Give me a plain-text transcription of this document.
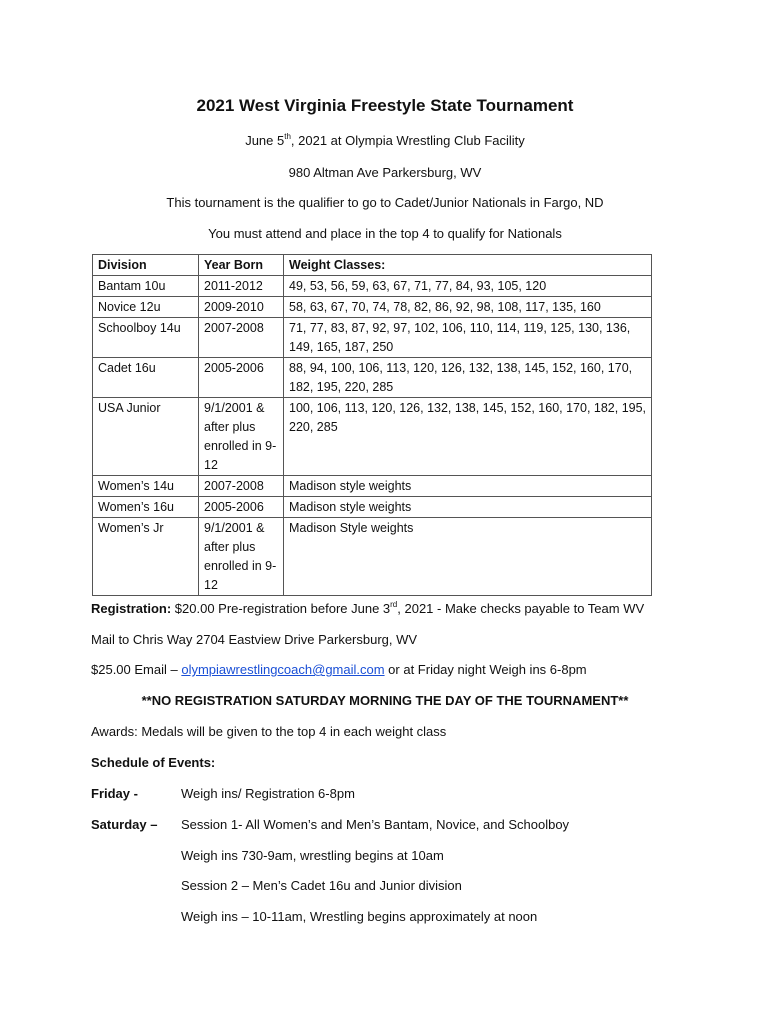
2021 West Virginia Freestyle State Tournament
June 5th, 2021 at Olympia Wrestling Club Facility
980 Altman Ave Parkersburg, WV
This tournament is the qualifier to go to Cadet/Junior Nationals in Fargo, ND
You must attend and place in the top 4 to qualify for Nationals
Division	Year Born	Weight Classes:
Bantam 10u	2011-2012	49, 53, 56, 59, 63, 67, 71, 77, 84, 93, 105, 120
Novice 12u	2009-2010	58, 63, 67, 70, 74, 78, 82, 86, 92, 98, 108, 117, 135, 160
Schoolboy 14u	2007-2008	71, 77, 83, 87, 92, 97, 102, 106, 110, 114, 119, 125, 130, 136, 149, 165, 187, 250
Cadet 16u	2005-2006	88, 94, 100, 106, 113, 120, 126, 132, 138, 145, 152, 160, 170, 182, 195, 220, 285
USA Junior	9/1/2001 & after plus enrolled in 9-12	100, 106, 113, 120, 126, 132, 138, 145, 152, 160, 170, 182, 195, 220, 285
Women’s 14u	2007-2008	Madison style weights
Women’s 16u	2005-2006	Madison style weights
Women’s Jr	9/1/2001 & after plus enrolled in 9-12	Madison Style weights
Registration: $20.00 Pre-registration before June 3rd, 2021 - Make checks payable to Team WV
Mail to Chris Way 2704 Eastview Drive Parkersburg, WV
$25.00 Email – olympiawrestlingcoach@gmail.com or at Friday night Weigh ins 6-8pm
**NO REGISTRATION SATURDAY MORNING THE DAY OF THE TOURNAMENT**
Awards: Medals will be given to the top 4 in each weight class
Schedule of Events:
Friday -	Weigh ins/ Registration 6-8pm
Saturday – Session 1- All Women’s and Men’s Bantam, Novice, and Schoolboy
Weigh ins 730-9am, wrestling begins at 10am
Session 2 – Men’s Cadet 16u and Junior division
Weigh ins – 10-11am, Wrestling begins approximately at noon
